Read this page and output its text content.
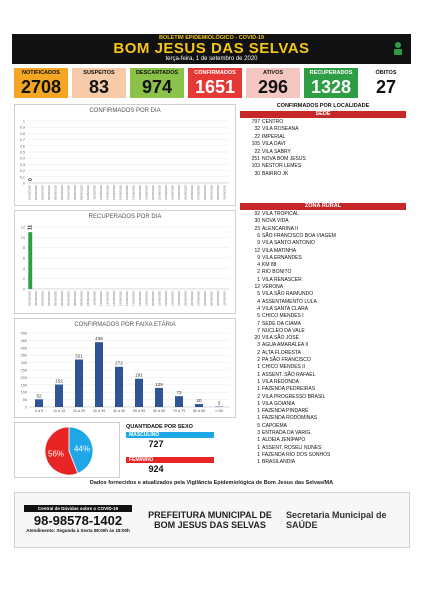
BOLETIM EPIDEMIOLÓGICO - COVID-19
BOM JESUS DAS SELVAS
terça-feira, 1 de setembro de 2020
NOTIFICADOS
2708
SUSPEITOS
83
DESCARTADOS
974
CONFIRMADOS
1651
ATIVOS
296
RECUPERADOS
1328
ÓBITOS
27
CONFIRMADOS POR DIA
0
0,1
0,2
0,3
0,4
0,5
0,6
0,7
0,8
0,9
1
01/08/2020 02/08/2020 03/08/2020 04/08/2020 05/08/2020 06/08/2020 07/08/2020 08/08/2020 09/08/2020 10/08/2020 11/08/2020 12/08/2020 13/08/2020 14/08/2020 15/08/2020 16/08/2020 17/08/2020 18/08/2020 19/08/2020 20/08/2020 21/08/2020 22/08/2020 23/08/2020 24/08/2020 25/08/2020 26/08/2020 27/08/2020 28/08/2020 29/08/2020 30/08/2020 31/08/2020
0
RECUPERADOS POR DIA
0
2
4
6
8
10
12
01/08/2020 02/08/2020 03/08/2020 04/08/2020 05/08/2020 06/08/2020 07/08/2020 08/08/2020 09/08/2020 10/08/2020 11/08/2020 12/08/2020 13/08/2020 14/08/2020 15/08/2020 16/08/2020 17/08/2020 18/08/2020 19/08/2020 20/08/2020 21/08/2020 22/08/2020 23/08/2020 24/08/2020 25/08/2020 26/08/2020 27/08/2020 28/08/2020 29/08/2020 30/08/2020 31/08/2020
11
CONFIRMADOS POR FAIXA ETÁRIA
0
50
100
150
200
250
300
350
400
450
500
0 a 9
52
10 a 19
152
20 a 29
321
30 a 39
438
40 a 49
272
50 a 59
191
60 a 69
129
70 a 79
73
80 a 89
20
>=90
3
44%
56%
QUANTIDADE POR SEXO
MASCULINO
727
FEMININO
924
CONFIRMADOS POR LOCALIDADE
SEDE
797 CENTRO
32 VILA ROSEANA
22 IMPERIAL
105 VILA DAVI
22 VILA SABRY
251 NOVA BOM JESUS
103 NESTOR LEMES
30 BAIRRO JK
ZONA RURAL
92 VILA TROPICAL
30 NOVA VIDA
23 ALENCARINA II
6 SÃO FRANCISCO BOA VIAGEM
9 VILA SANTO ANTONIO
12 VILA MATINHA
9 VILA ERNANDES
4 KM 88
2 RIO BONITO
1 VILA RENASCER
12 VERONA
5 VILA SÃO RAIMUNDO
4 ASSENTAMENTO LULA
4 VILA SANTA CLARA
5 CHICO MENDES I
7 SEDE DA CIAMA
7 NUCLEO DA VALE
20 VILA SÃO JOSÉ
3 AGUA AMARALEA II
2 ALTA FLORESTA
2 PA SÃO FRANCISCO
1 CHICO MENDES II
1 ASSENT. SÃO RAFAEL
1 VILA REDONDA
1 FAZENDA PEDREIRAS
2 VILA PROGRESSO BRASIL
1 VILA GOIANIA
1 FAZENDA PINDARÉ
1 FAZENDA RODOMINAS
5 CAPOEMA
3 ENTRADA DA VARIG
1 ALDEIA JENIPAPO
1 ASSENT. ROSELI NUNES
1 FAZENDA RIO DOS SONHOS
1 BRASILANDIA
Dados fornecidos e atualizados pela Vigilância Epidemiológica de Bom Jesus das Selvas/MA
Central de Dúvidas sobre o COVID-19
98-98578-1402
Atendimento: Segunda à Sexta 08:00h às 18:00h
PREFEITURA MUNICIPAL DE
BOM JESUS DAS SELVAS
Secretaria Municipal de
SAÚDE
